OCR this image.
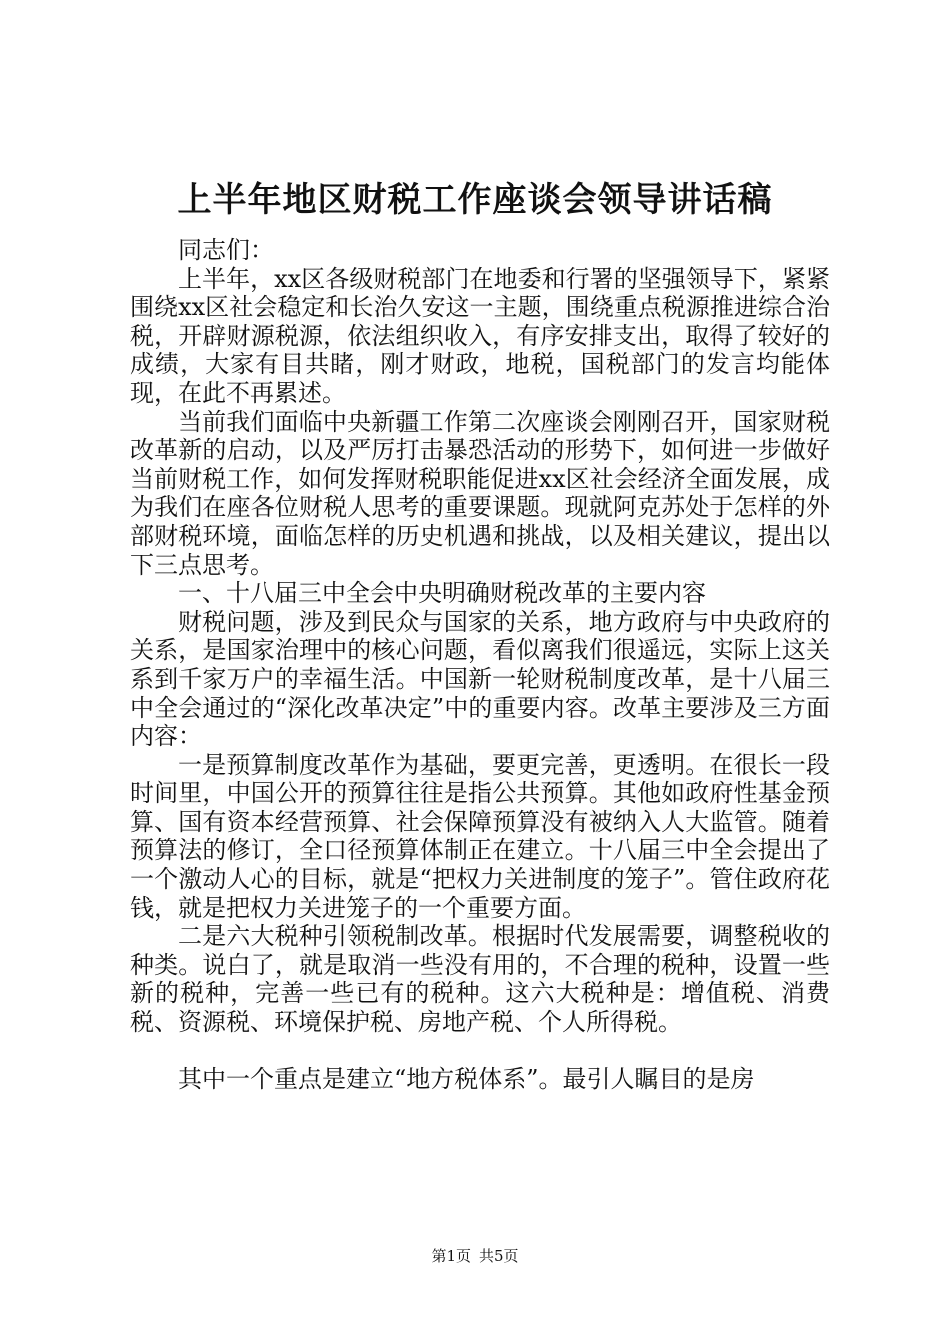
上半年地区财税工作座谈会领导讲话稿

同志们：

上半年，xx区各级财税部门在地委和行署的坚强领导下，紧紧围绕xx区社会稳定和长治久安这一主题，围绕重点税源推进综合治税，开辟财源税源，依法组织收入，有序安排支出，取得了较好的成绩，大家有目共睹，刚才财政，地税，国税部门的发言均能体现，在此不再累述。

当前我们面临中央新疆工作第二次座谈会刚刚召开，国家财税改革新的启动，以及严厉打击暴恐活动的形势下，如何进一步做好当前财税工作，如何发挥财税职能促进xx区社会经济全面发展，成为我们在座各位财税人思考的重要课题。现就阿克苏处于怎样的外部财税环境，面临怎样的历史机遇和挑战，以及相关建议，提出以下三点思考。

一、十八届三中全会中央明确财税改革的主要内容

财税问题，涉及到民众与国家的关系，地方政府与中央政府的关系，是国家治理中的核心问题，看似离我们很遥远，实际上这关系到千家万户的幸福生活。中国新一轮财税制度改革，是十八届三中全会通过的“深化改革决定”中的重要内容。改革主要涉及三方面内容：

一是预算制度改革作为基础，要更完善，更透明。在很长一段时间里，中国公开的预算往往是指公共预算。其他如政府性基金预算、国有资本经营预算、社会保障预算没有被纳入人大监管。随着预算法的修订，全口径预算体制正在建立。十八届三中全会提出了一个激动人心的目标，就是“把权力关进制度的笼子”。管住政府花钱，就是把权力关进笼子的一个重要方面。

二是六大税种引领税制改革。根据时代发展需要，调整税收的种类。说白了，就是取消一些没有用的，不合理的税种，设置一些新的税种，完善一些已有的税种。这六大税种是：增值税、消费税、资源税、环境保护税、房地产税、个人所得税。

其中一个重点是建立“地方税体系”。最引人瞩目的是房

第1页 共5页
